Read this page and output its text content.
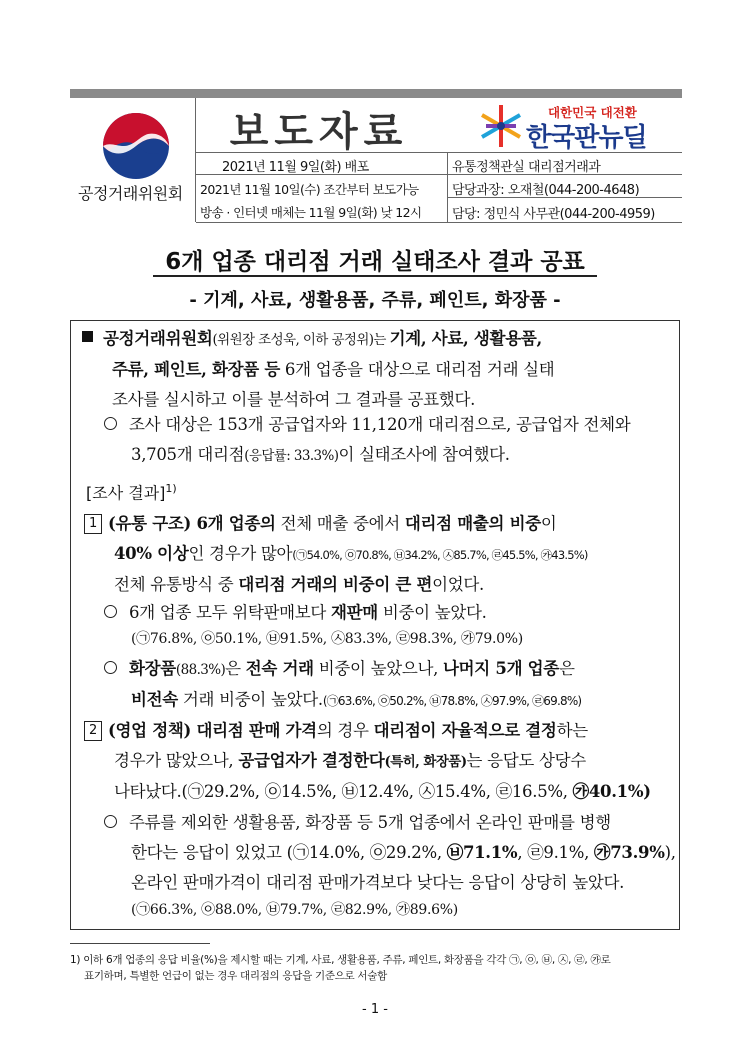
공정거래위원회
보도자료	대한민국 대전환
한국판뉴딜
2021년 11월 9일(화) 배포
2021년 11월 10일(수) 조간부터 보도가능
방송 · 인터넷 매체는 11월 9일(화) 낮 12시
유통정책관실 대리점거래과
담당과장: 오재철(044-200-4648)
담당: 정민식 사무관(044-200-4959)
6개 업종 대리점 거래 실태조사 결과 공표
- 기계, 사료, 생활용품, 주류, 페인트, 화장품 -
공정거래위원회(위원장 조성욱, 이하 공정위)는 기계, 사료, 생활용품,
주류, 페인트, 화장품 등 6개 업종을 대상으로 대리점 거래 실태
조사를 실시하고 이를 분석하여 그 결과를 공표했다.
조사 대상은 153개 공급업자와 11,120개 대리점으로, 공급업자 전체와
3,705개 대리점(응답률: 33.3%)이 실태조사에 참여했다.
[조사 결과]$^{1)}$
1 (유통 구조) 6개 업종의 전체 매출 중에서 대리점 매출의 비중이
40% 이상인 경우가 많아(㉠54.0%, ㉧70.8%, ㉥34.2%, ㉦85.7%, ㉣45.5%, ㉮43.5%)
전체 유통방식 중 대리점 거래의 비중이 큰 편이었다.
6개 업종 모두 위탁판매보다 재판매 비중이 높았다.
(㉠76.8%, ㉧50.1%, ㉥91.5%, ㉦83.3%, ㉣98.3%, ㉮79.0%)
화장품(88.3%)은 전속 거래 비중이 높았으나, 나머지 5개 업종은
비전속 거래 비중이 높았다.(㉠63.6%, ㉧50.2%, ㉥78.8%, ㉦97.9%, ㉣69.8%)
2 (영업 정책) 대리점 판매 가격의 경우 대리점이 자율적으로 결정하는
경우가 많았으나, 공급업자가 결정한다(특히, 화장품)는 응답도 상당수
나타났다.(㉠29.2%, ㉧14.5%, ㉥12.4%, ㉦15.4%, ㉣16.5%, ㉮40.1%)
주류를 제외한 생활용품, 화장품 등 5개 업종에서 온라인 판매를 병행
한다는 응답이 있었고 (㉠14.0%, ㉧29.2%, ㉥71.1%, ㉣9.1%, ㉮73.9%),
온라인 판매가격이 대리점 판매가격보다 낮다는 응답이 상당히 높았다.
(㉠66.3%, ㉧88.0%, ㉥79.7%, ㉣82.9%, ㉮89.6%)
1) 이하 6개 업종의 응답 비율(%)을 제시할 때는 기계, 사료, 생활용품, 주류, 페인트, 화장품을 각각 ㉠, ㉧, ㉥, ㉦, ㉣, ㉮로
표기하며, 특별한 언급이 없는 경우 대리점의 응답을 기준으로 서술함
- 1 -
